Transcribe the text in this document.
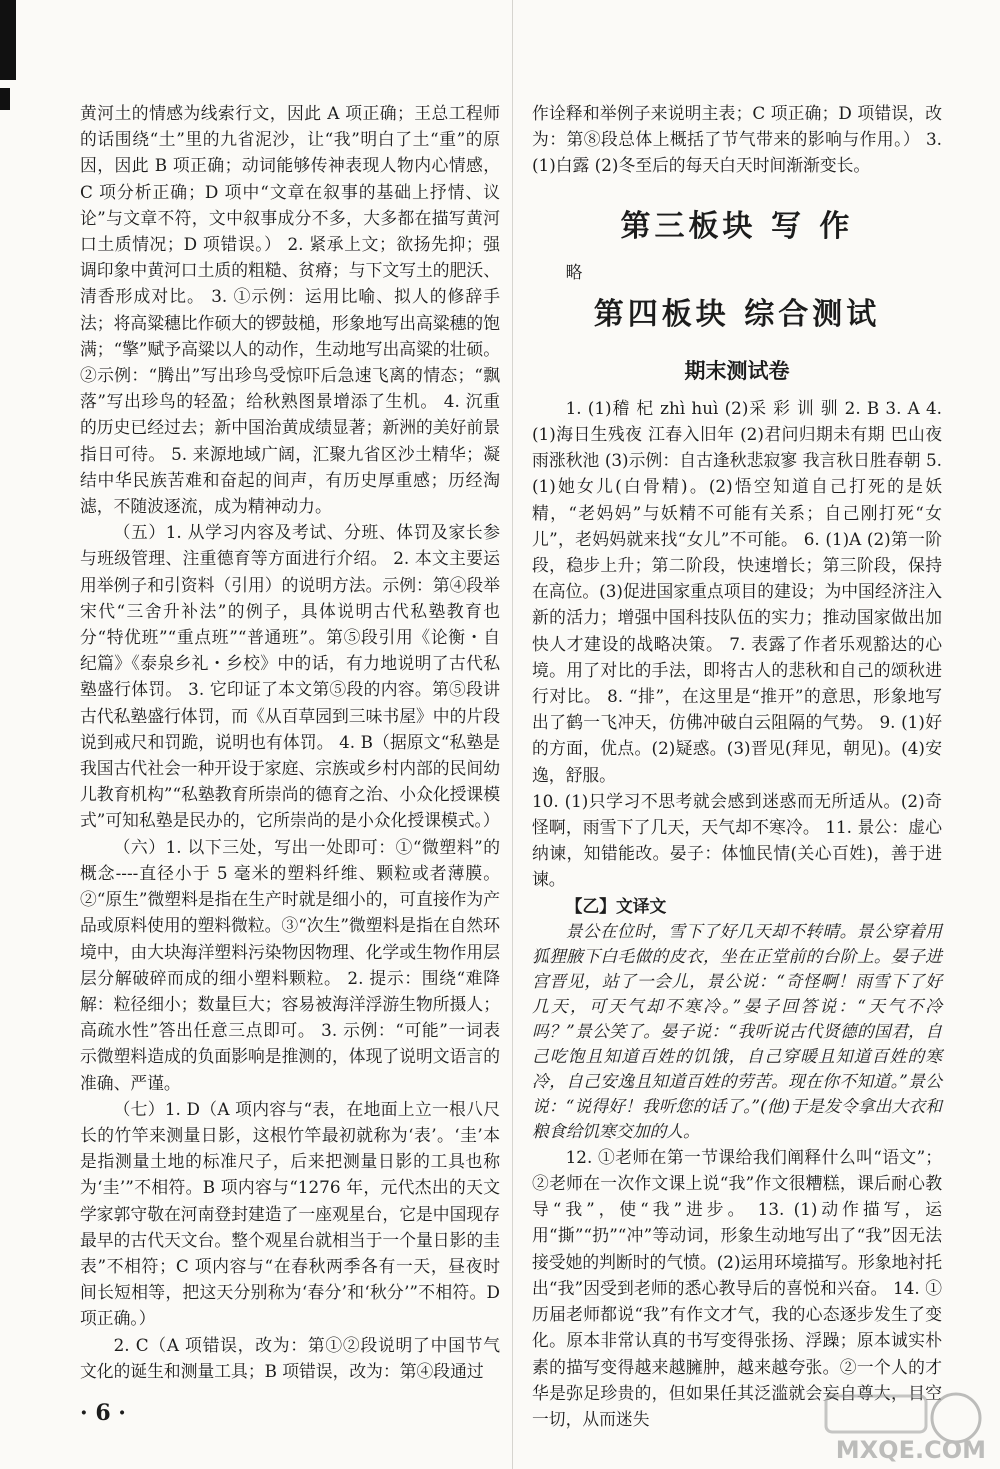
黄河土的情感为线索行文，因此 A 项正确；王总工程师的话围绕“土”里的九省泥沙，让“我”明白了土“重”的原因，因此 B 项正确；动词能够传神表现人物内心情感，C 项分析正确；D 项中“文章在叙事的基础上抒情、议论”与文章不符，文中叙事成分不多，大多都在描写黄河口土质情况；D 项错误。） 2. 紧承上文；欲扬先抑；强调印象中黄河口土质的粗糙、贫瘠；与下文写土的肥沃、清香形成对比。 3. ①示例：运用比喻、拟人的修辞手法；将高粱穗比作硕大的锣鼓槌，形象地写出高粱穗的饱满；“擎”赋予高粱以人的动作，生动地写出高粱的壮硕。 ②示例：“腾出”写出珍鸟受惊吓后急速飞离的情态；“飘落”写出珍鸟的轻盈；给秋熟图景增添了生机。 4. 沉重的历史已经过去；新中国治黄成绩显著；新洲的美好前景指日可待。 5. 来源地域广阔，汇聚九省区沙土精华；凝结中华民族苦难和奋起的间声，有历史厚重感；历经淘滤，不随波逐流，成为精神动力。

（五）1. 从学习内容及考试、分班、体罚及家长参与班级管理、注重德育等方面进行介绍。 2. 本文主要运用举例子和引资料（引用）的说明方法。示例：第④段举宋代“三舍升补法”的例子，具体说明古代私塾教育也分“特优班”“重点班”“普通班”。第⑤段引用《论衡・自纪篇》《泰泉乡礼・乡校》中的话，有力地说明了古代私塾盛行体罚。 3. 它印证了本文第⑤段的内容。第⑤段讲古代私塾盛行体罚，而《从百草园到三味书屋》中的片段说到戒尺和罚跪，说明也有体罚。 4. B（据原文“私塾是我国古代社会一种开设于家庭、宗族或乡村内部的民间幼儿教育机构”“私塾教育所崇尚的德育之治、小众化授课模式”可知私塾是民办的，它所崇尚的是小众化授课模式。）

（六）1. 以下三处，写出一处即可：①“微塑料”的概念----直径小于 5 毫米的塑料纤维、颗粒或者薄膜。②“原生”微塑料是指在生产时就是细小的，可直接作为产品或原料使用的塑料微粒。③“次生”微塑料是指在自然环境中，由大块海洋塑料污染物因物理、化学或生物作用层层分解破碎而成的细小塑料颗粒。 2. 提示：围绕“难降解：粒径细小；数量巨大；容易被海洋浮游生物所摄人；高疏水性”答出任意三点即可。 3. 示例：“可能”一词表示微塑料造成的负面影响是推测的，体现了说明文语言的准确、严谨。

（七）1. D（A 项内容与“表，在地面上立一根八尺长的竹竿来测量日影，这根竹竿最初就称为‘表’。‘圭’本是指测量土地的标准尺子，后来把测量日影的工具也称为‘圭’”不相符。B 项内容与“1276 年，元代杰出的天文学家郭守敬在河南登封建造了一座观星台，它是中国现存最早的古代天文台。整个观星台就相当于一个量日影的圭表”不相符；C 项内容与“在春秋两季各有一天，昼夜时间长短相等，把这天分别称为‘春分’和‘秋分’”不相符。D 项正确。）

2. C（A 项错误，改为：第①②段说明了中国节气文化的诞生和测量工具；B 项错误，改为：第④段通过

作诠释和举例子来说明主表；C 项正确；D 项错误，改为：第⑧段总体上概括了节气带来的影响与作用。） 3. (1)白露 (2)冬至后的每天白天时间渐渐变长。

第三板块 写 作

略

第四板块 综合测试

期末测试卷

1. (1)稽 杞 zhì huì (2)采 彩 训 驯 2. B 3. A 4. (1)海日生残夜 江春入旧年 (2)君问归期未有期 巴山夜雨涨秋池 (3)示例：自古逢秋悲寂寥 我言秋日胜春朝 5. (1)她女儿(白骨精)。(2)悟空知道自己打死的是妖精，“老妈妈”与妖精不可能有关系；自己刚打死“女儿”，老妈妈就来找“女儿”不可能。 6. (1)A (2)第一阶段，稳步上升；第二阶段，快速增长；第三阶段，保持在高位。(3)促进国家重点项目的建设；为中国经济注入新的活力；增强中国科技队伍的实力；推动国家做出加快人才建设的战略决策。 7. 表露了作者乐观豁达的心境。用了对比的手法，即将古人的悲秋和自己的颂秋进行对比。 8. “排”，在这里是“推开”的意思，形象地写出了鹤一飞冲天，仿佛冲破白云阻隔的气势。 9. (1)好的方面，优点。(2)疑惑。(3)晋见(拜见，朝见)。(4)安逸，舒服。

10. (1)只学习不思考就会感到迷惑而无所适从。(2)奇怪啊，雨雪下了几天，天气却不寒冷。 11. 景公：虚心纳谏，知错能改。晏子：体恤民情(关心百姓)，善于进谏。

【乙】文译文

景公在位时，雪下了好几天却不转晴。景公穿着用狐狸腋下白毛做的皮衣，坐在正堂前的台阶上。晏子进宫晋见，站了一会儿，景公说：“奇怪啊！雨雪下了好几天，可天气却不寒冷。”晏子回答说：“天气不冷吗？”景公笑了。晏子说：“我听说古代贤德的国君，自己吃饱且知道百姓的饥饿，自己穿暖且知道百姓的寒冷，自己安逸且知道百姓的劳苦。现在你不知道。”景公说：“说得好！我听您的话了。”(他)于是发令拿出大衣和粮食给饥寒交加的人。

12. ①老师在第一节课给我们阐释什么叫“语文”；②老师在一次作文课上说“我”作文很糟糕，课后耐心教导“我”，使“我”进步。 13. (1)动作描写，运用“撕”“扔”“冲”等动词，形象生动地写出了“我”因无法接受她的判断时的气愤。(2)运用环境描写。形象地衬托出“我”因受到老师的悉心教导后的喜悦和兴奋。 14. ①历届老师都说“我”有作文才气，我的心态逐步发生了变化。原本非常认真的书写变得张扬、浮躁；原本诚实朴素的描写变得越来越臃肿，越来越夸张。②一个人的才华是弥足珍贵的，但如果任其泛滥就会妄自尊大，目空一切，从而迷失

· 6 ·
MXQE.COM
